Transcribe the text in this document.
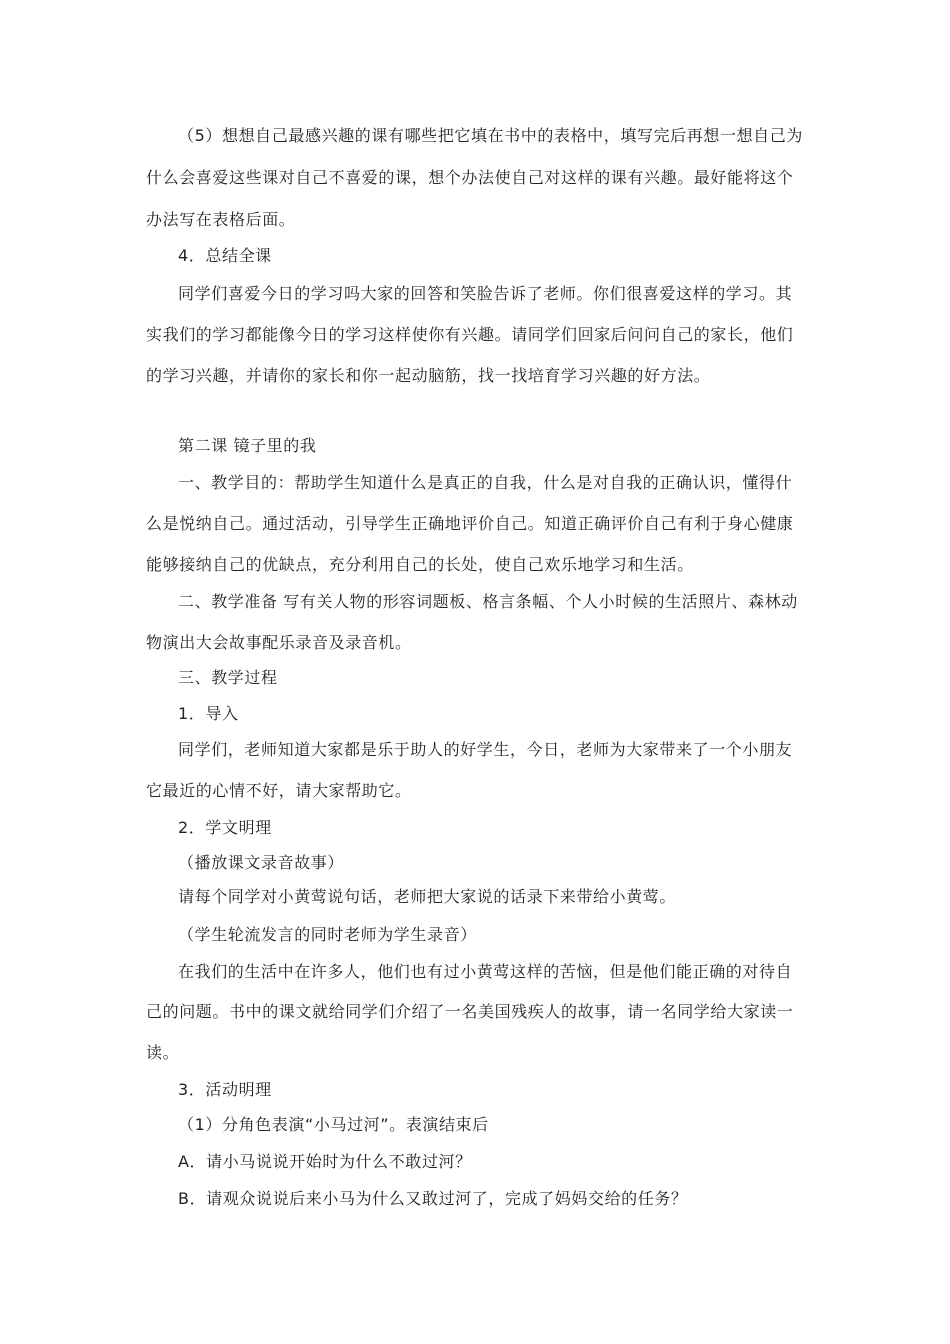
（5）想想自己最感兴趣的课有哪些把它填在书中的表格中，填写完后再想一想自己为
什么会喜爱这些课对自己不喜爱的课，想个办法使自己对这样的课有兴趣。最好能将这个
办法写在表格后面。
4．总结全课
同学们喜爱今日的学习吗大家的回答和笑脸告诉了老师。你们很喜爱这样的学习。其
实我们的学习都能像今日的学习这样使你有兴趣。请同学们回家后问问自己的家长，他们
的学习兴趣，并请你的家长和你一起动脑筋，找一找培育学习兴趣的好方法。
第二课 镜子里的我
一、教学目的：帮助学生知道什么是真正的自我，什么是对自我的正确认识，懂得什
么是悦纳自己。通过活动，引导学生正确地评价自己。知道正确评价自己有利于身心健康
能够接纳自己的优缺点，充分利用自己的长处，使自己欢乐地学习和生活。
二、教学准备 写有关人物的形容词题板、格言条幅、个人小时候的生活照片、森林动
物演出大会故事配乐录音及录音机。
三、教学过程
1．导入
同学们，老师知道大家都是乐于助人的好学生，今日，老师为大家带来了一个小朋友
它最近的心情不好，请大家帮助它。
2．学文明理
（播放课文录音故事）
请每个同学对小黄莺说句话，老师把大家说的话录下来带给小黄莺。
（学生轮流发言的同时老师为学生录音）
在我们的生活中在许多人，他们也有过小黄莺这样的苦恼，但是他们能正确的对待自
己的问题。书中的课文就给同学们介绍了一名美国残疾人的故事，请一名同学给大家读一
读。
3．活动明理
（1）分角色表演“小马过河”。表演结束后
A．请小马说说开始时为什么不敢过河？
B．请观众说说后来小马为什么又敢过河了，完成了妈妈交给的任务？
